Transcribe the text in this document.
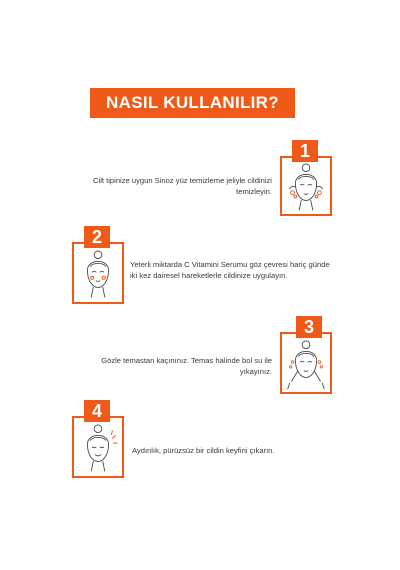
NASIL KULLANILIR?
Cilt tipinize uygun Sinoz yüz temizleme jeliyle cildinizi temizleyin.
1
2
Yeterli miktarda C Vitamini Serumu göz çevresi hariç günde iki kez dairesel hareketlerle cildinize uygulayın.
Gözle temastan kaçınınız. Temas halinde bol su ile yıkayınız.
3
4
Aydınlık, pürüzsüz bir cildin keyfini çıkarın.
